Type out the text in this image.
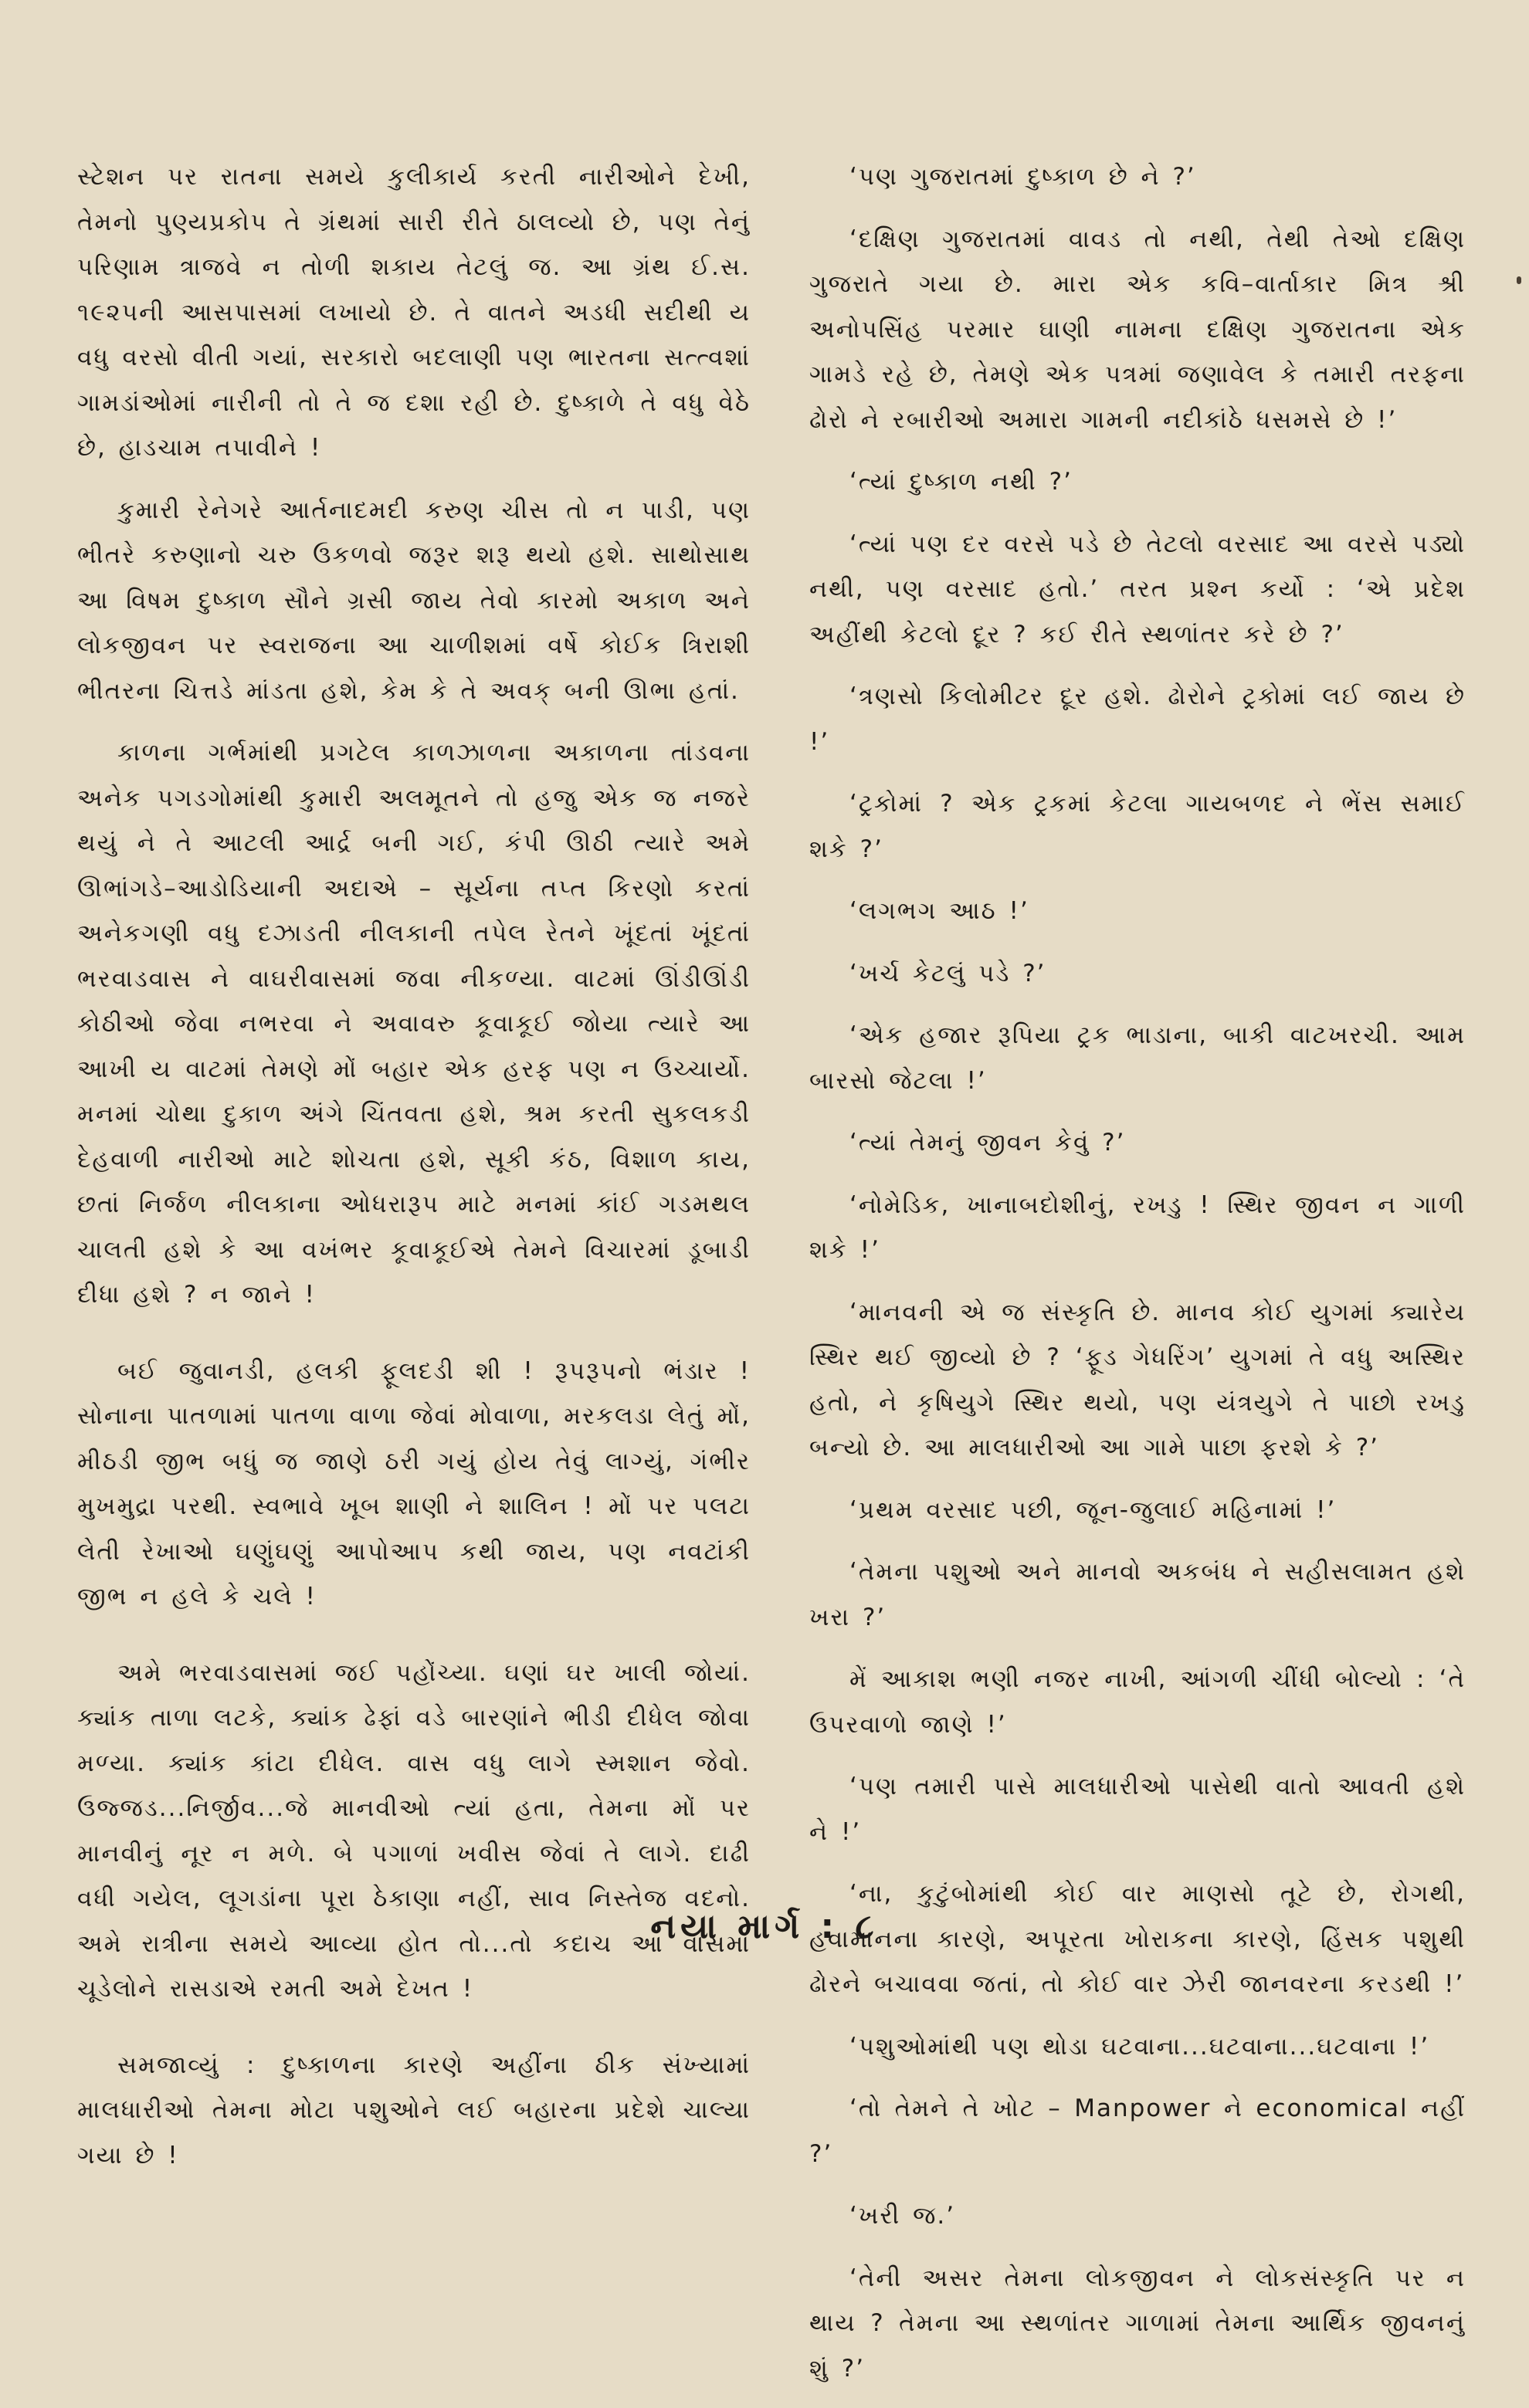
સ્ટેશન પર રાતના સમયે કુલીકાર્ય કરતી નારીઓને દેખી, તેમનો પુણ્યપ્રકોપ તે ગ્રંથમાં સારી રીતે ઠાલવ્યો છે, પણ તેનું પરિણામ ત્રાજવે ન તોળી શકાય તેટલું જ. આ ગ્રંથ ઈ.સ. ૧૯૨૫ની આસપાસમાં લખાયો છે. તે વાતને અડધી સદીથી ય વધુ વરસો વીતી ગયાં, સરકારો બદલાણી પણ ભારતના સત્ત્વશાં ગામડાંઓમાં નારીની તો તે જ દશા રહી છે. દુષ્કાળે તે વધુ વેઠે છે, હાડચામ તપાવીને !

કુમારી રેનેગરે આર્તનાદમદી કરુણ ચીસ તો ન પાડી, પણ ભીતરે કરુણાનો ચરુ ઉકળવો જરૂર શરૂ થયો હશે. સાથોસાથ આ વિષમ દુષ્કાળ સૌને ગ્રસી જાય તેવો કારમો અકાળ અને લોકજીવન પર સ્વરાજના આ ચાળીશમાં વર્ષે કોઈક ત્રિરાશી ભીતરના ચિત્તડે માંડતા હશે, કેમ કે તે અવક્ બની ઊભા હતાં.

કાળના ગર્ભમાંથી પ્રગટેલ કાળઝાળના અકાળના તાંડવના અનેક પગડગોમાંથી કુમારી અલમૂતને તો હજુ એક જ નજરે થયું ને તે આટલી આર્દ્ર બની ગઈ, કંપી ઊઠી ત્યારે અમે ઊભાંગડે–આડોડિયાની અદાએ – સૂર્યના તપ્ત કિરણો કરતાં અનેકગણી વધુ દઝાડતી નીલકાની તપેલ રેતને ખૂંદતાં ખૂંદતાં ભરવાડવાસ ને વાઘરીવાસમાં જવા નીકળ્યા. વાટમાં ઊંડીઊંડી કોઠીઓ જેવા નભરવા ને અવાવરુ કૂવાકૂઈ જોયા ત્યારે આ આખી ય વાટમાં તેમણે મોં બહાર એક હરફ પણ ન ઉચ્ચાર્યો. મનમાં ચોથા દુકાળ અંગે ચિંતવતા હશે, શ્રમ કરતી સુકલકડી દેહવાળી નારીઓ માટે શોચતા હશે, સૂકી કંઠ, વિશાળ કાય, છતાં નિર્જળ નીલકાના ઓધરારૂપ માટે મનમાં કાંઈ ગડમથલ ચાલતી હશે કે આ વખંભર કૂવાકૂઈએ તેમને વિચારમાં ડૂબાડી દીધા હશે ? ન જાને !

બઈ જુવાનડી, હલકી ફૂલદડી શી ! રૂપરૂપનો ભંડાર ! સોનાના પાતળામાં પાતળા વાળા જેવાં મોવાળા, મરકલડા લેતું મોં, મીઠડી જીભ બધું જ જાણે ઠરી ગયું હોય તેવું લાગ્યું, ગંભીર મુખમુદ્રા પરથી. સ્વભાવે ખૂબ શાણી ને શાલિન ! મોં પર પલટા લેતી રેખાઓ ઘણુંઘણું આપોઆપ કથી જાય, પણ નવટાંકી જીભ ન હલે કે ચલે !

અમે ભરવાડવાસમાં જઈ પહોંચ્યા. ઘણાં ઘર ખાલી જોયાં. ક્યાંક તાળા લટકે, ક્યાંક ઢેફાં વડે બારણાંને ભીડી દીધેલ જોવા મળ્યા. ક્યાંક કાંટા દીધેલ. વાસ વધુ લાગે સ્મશાન જેવો. ઉજ્જડ...નિર્જીવ...જે માનવીઓ ત્યાં હતા, તેમના મોં પર માનવીનું નૂર ન મળે. બે પગાળાં ખવીસ જેવાં તે લાગે. દાઢી વધી ગયેલ, લૂગડાંના પૂરા ઠેકાણા નહીં, સાવ નિસ્તેજ વદનો. અમે રાત્રીના સમયે આવ્યા હોત તો...તો કદાચ આ વાસમાં ચૂડેલોને રાસડાએ રમતી અમે દેખત !

સમજાવ્યું : દુષ્કાળના કારણે અહીંના ઠીક સંખ્યામાં માલધારીઓ તેમના મોટા પશુઓને લઈ બહારના પ્રદેશે ચાલ્યા ગયા છે !

‘પણ ગુજરાતમાં દુષ્કાળ છે ને ?’

‘દક્ષિણ ગુજરાતમાં વાવડ તો નથી, તેથી તેઓ દક્ષિણ ગુજરાતે ગયા છે. મારા એક કવિ–વાર્તાકાર મિત્ર શ્રી અનોપસિંહ પરમાર ઘાણી નામના દક્ષિણ ગુજરાતના એક ગામડે રહે છે, તેમણે એક પત્રમાં જણાવેલ કે તમારી તરફના ઢોરો ને રબારીઓ અમારા ગામની નદીકાંઠે ધસમસે છે !’

‘ત્યાં દુષ્કાળ નથી ?’

‘ત્યાં પણ દર વરસે પડે છે તેટલો વરસાદ આ વરસે પડ્યો નથી, પણ વરસાદ હતો.’ તરત પ્રશ્ન કર્યો : ‘એ પ્રદેશ અહીંથી કેટલો દૂર ? કઈ રીતે સ્થળાંતર કરે છે ?’

‘ત્રણસો કિલોમીટર દૂર હશે. ઢોરોને ટ્રકોમાં લઈ જાય છે !’

‘ટ્રકોમાં ? એક ટ્રકમાં કેટલા ગાયબળદ ને ભેંસ સમાઈ શકે ?’

‘લગભગ આઠ !’

‘ખર્ચ કેટલું પડે ?’

‘એક હજાર રૂપિયા ટ્રક ભાડાના, બાકી વાટખરચી. આમ બારસો જેટલા !’

‘ત્યાં તેમનું જીવન કેવું ?’

‘નોમેડિક, ખાનાબદોશીનું, રખડુ ! સ્થિર જીવન ન ગાળી શકે !’

‘માનવની એ જ સંસ્કૃતિ છે. માનવ કોઈ યુગમાં ક્યારેય સ્થિર થઈ જીવ્યો છે ? ‘ફૂડ ગેધરિંગ’ યુગમાં તે વધુ અસ્થિર હતો, ને કૃષિયુગે સ્થિર થયો, પણ યંત્રયુગે તે પાછો રખડુ બન્યો છે. આ માલધારીઓ આ ગામે પાછા ફરશે કે ?’

‘પ્રથમ વરસાદ પછી, જૂન-જુલાઈ મહિનામાં !’

‘તેમના પશુઓ અને માનવો અકબંધ ને સહીસલામત હશે ખરા ?’

મેં આકાશ ભણી નજર નાખી, આંગળી ચીંધી બોલ્યો : ‘તે ઉપરવાળો જાણે !’

‘પણ તમારી પાસે માલધારીઓ પાસેથી વાતો આવતી હશે ને !’

‘ના, કુટુંબોમાંથી કોઈ વાર માણસો તૂટે છે, રોગથી, હવામાનના કારણે, અપૂરતા ખોરાકના કારણે, હિંસક પશુથી ઢોરને બચાવવા જતાં, તો કોઈ વાર ઝેરી જાનવરના કરડથી !’

‘પશુઓમાંથી પણ થોડા ઘટવાના...ઘટવાના...ઘટવાના !’

‘તો તેમને તે ખોટ – Manpower ને economical નહીં ?’

‘ખરી જ.’

‘તેની અસર તેમના લોકજીવન ને લોકસંસ્કૃતિ પર ન થાય ? તેમના આ સ્થળાંતર ગાળામાં તેમના આર્થિક જીવનનું શું ?’

નયા માર્ગ : ૮
